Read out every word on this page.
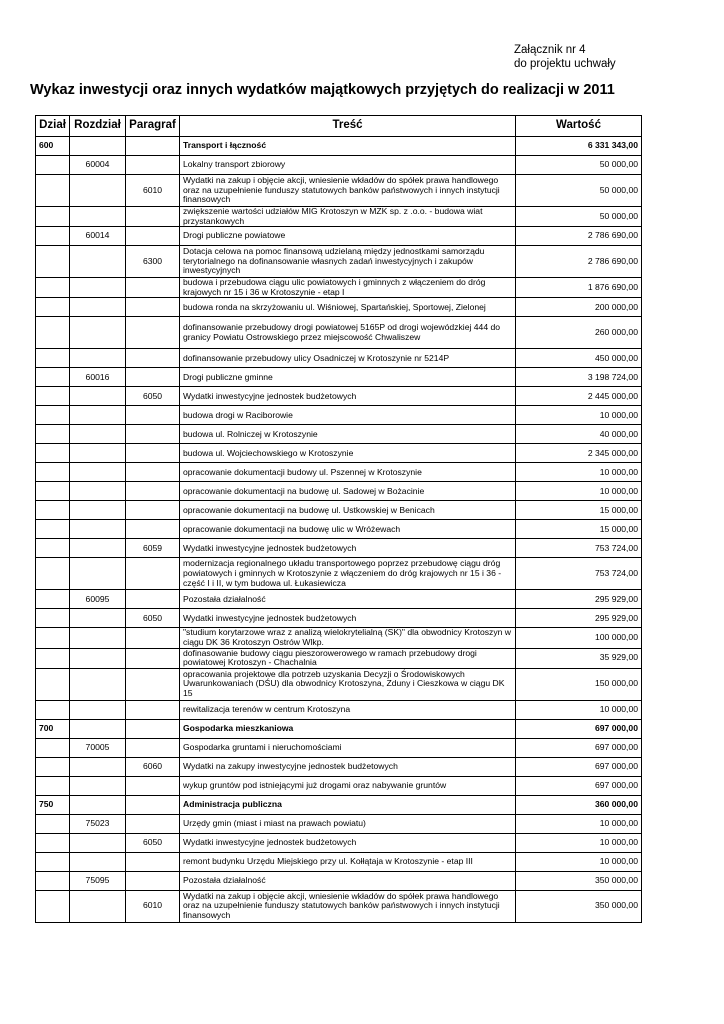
Załącznik nr 4
do projektu uchwały
Wykaz inwestycji oraz innych wydatków majątkowych przyjętych do realizacji w 2011
Dział	Rozdział	Paragraf	Treść	Wartość
600			Transport i łączność	6 331 343,00
	60004		Lokalny transport zbiorowy	50 000,00
		6010	Wydatki na zakup i objęcie akcji, wniesienie wkładów do spółek prawa handlowego oraz na uzupełnienie funduszy statutowych banków państwowych i innych instytucji finansowych	50 000,00
			zwiększenie wartości udziałów MIG Krotoszyn w MZK sp. z .o.o. - budowa wiat przystankowych	50 000,00
	60014		Drogi publiczne powiatowe	2 786 690,00
		6300	Dotacja celowa na pomoc finansową udzielaną między jednostkami samorządu terytorialnego na dofinansowanie własnych zadań inwestycyjnych i zakupów inwestycyjnych	2 786 690,00
			budowa i przebudowa ciągu ulic powiatowych i gminnych z włączeniem do dróg krajowych nr 15 i 36 w Krotoszynie - etap I	1 876 690,00
			budowa ronda na skrzyżowaniu ul. Wiśniowej, Spartańskiej, Sportowej, Zielonej	200 000,00
			dofinansowanie przebudowy drogi powiatowej 5165P od drogi wojewódzkiej 444 do granicy Powiatu Ostrowskiego przez miejscowość Chwaliszew	260 000,00
			dofinansowanie przebudowy ulicy Osadniczej w Krotoszynie nr 5214P	450 000,00
	60016		Drogi publiczne gminne	3 198 724,00
		6050	Wydatki inwestycyjne jednostek budżetowych	2 445 000,00
			budowa drogi w Raciborowie	10 000,00
			budowa ul. Rolniczej w Krotoszynie	40 000,00
			budowa ul. Wojciechowskiego w Krotoszynie	2 345 000,00
			opracowanie dokumentacji budowy ul. Pszennej w Krotoszynie	10 000,00
			opracowanie dokumentacji na budowę ul. Sadowej w Bożacinie	10 000,00
			opracowanie dokumentacji na budowę ul. Ustkowskiej w Benicach	15 000,00
			opracowanie dokumentacji na budowę ulic w Wróżewach	15 000,00
		6059	Wydatki inwestycyjne jednostek budżetowych	753 724,00
			modernizacja regionalnego układu transportowego poprzez przebudowę ciągu dróg powiatowych i gminnych w Krotoszynie z włączeniem do dróg krajowych nr 15 i 36 - część I i II, w tym budowa ul. Łukasiewicza	753 724,00
	60095		Pozostała działalność	295 929,00
		6050	Wydatki inwestycyjne jednostek budżetowych	295 929,00
			"studium korytarzowe wraz z analizą wielokrytelialną (SK)" dla obwodnicy Krotoszyn w ciągu DK 36 Krotoszyn Ostrów Wlkp.	100 000,00
			dofinasowanie budowy ciągu pieszorowerowego w ramach przebudowy drogi powiatowej Krotoszyn - Chachalnia	35 929,00
			opracowania projektowe dla potrzeb uzyskania Decyzji o Środowiskowych Uwarunkowaniach (DŚU) dla obwodnicy Krotoszyna, Zduny i Cieszkowa w ciągu DK 15	150 000,00
			rewitalizacja terenów w centrum Krotoszyna	10 000,00
700			Gospodarka mieszkaniowa	697 000,00
	70005		Gospodarka gruntami i nieruchomościami	697 000,00
		6060	Wydatki na zakupy inwestycyjne jednostek budżetowych	697 000,00
			wykup gruntów pod istniejącymi już drogami oraz nabywanie gruntów	697 000,00
750			Administracja publiczna	360 000,00
	75023		Urzędy gmin (miast i miast na prawach powiatu)	10 000,00
		6050	Wydatki inwestycyjne jednostek budżetowych	10 000,00
			remont budynku Urzędu Miejskiego przy ul. Kołłątaja w Krotoszynie - etap III	10 000,00
	75095		Pozostała działalność	350 000,00
		6010	Wydatki na zakup i objęcie akcji, wniesienie wkładów do spółek prawa handlowego oraz na uzupełnienie funduszy statutowych banków państwowych i innych instytucji finansowych	350 000,00
